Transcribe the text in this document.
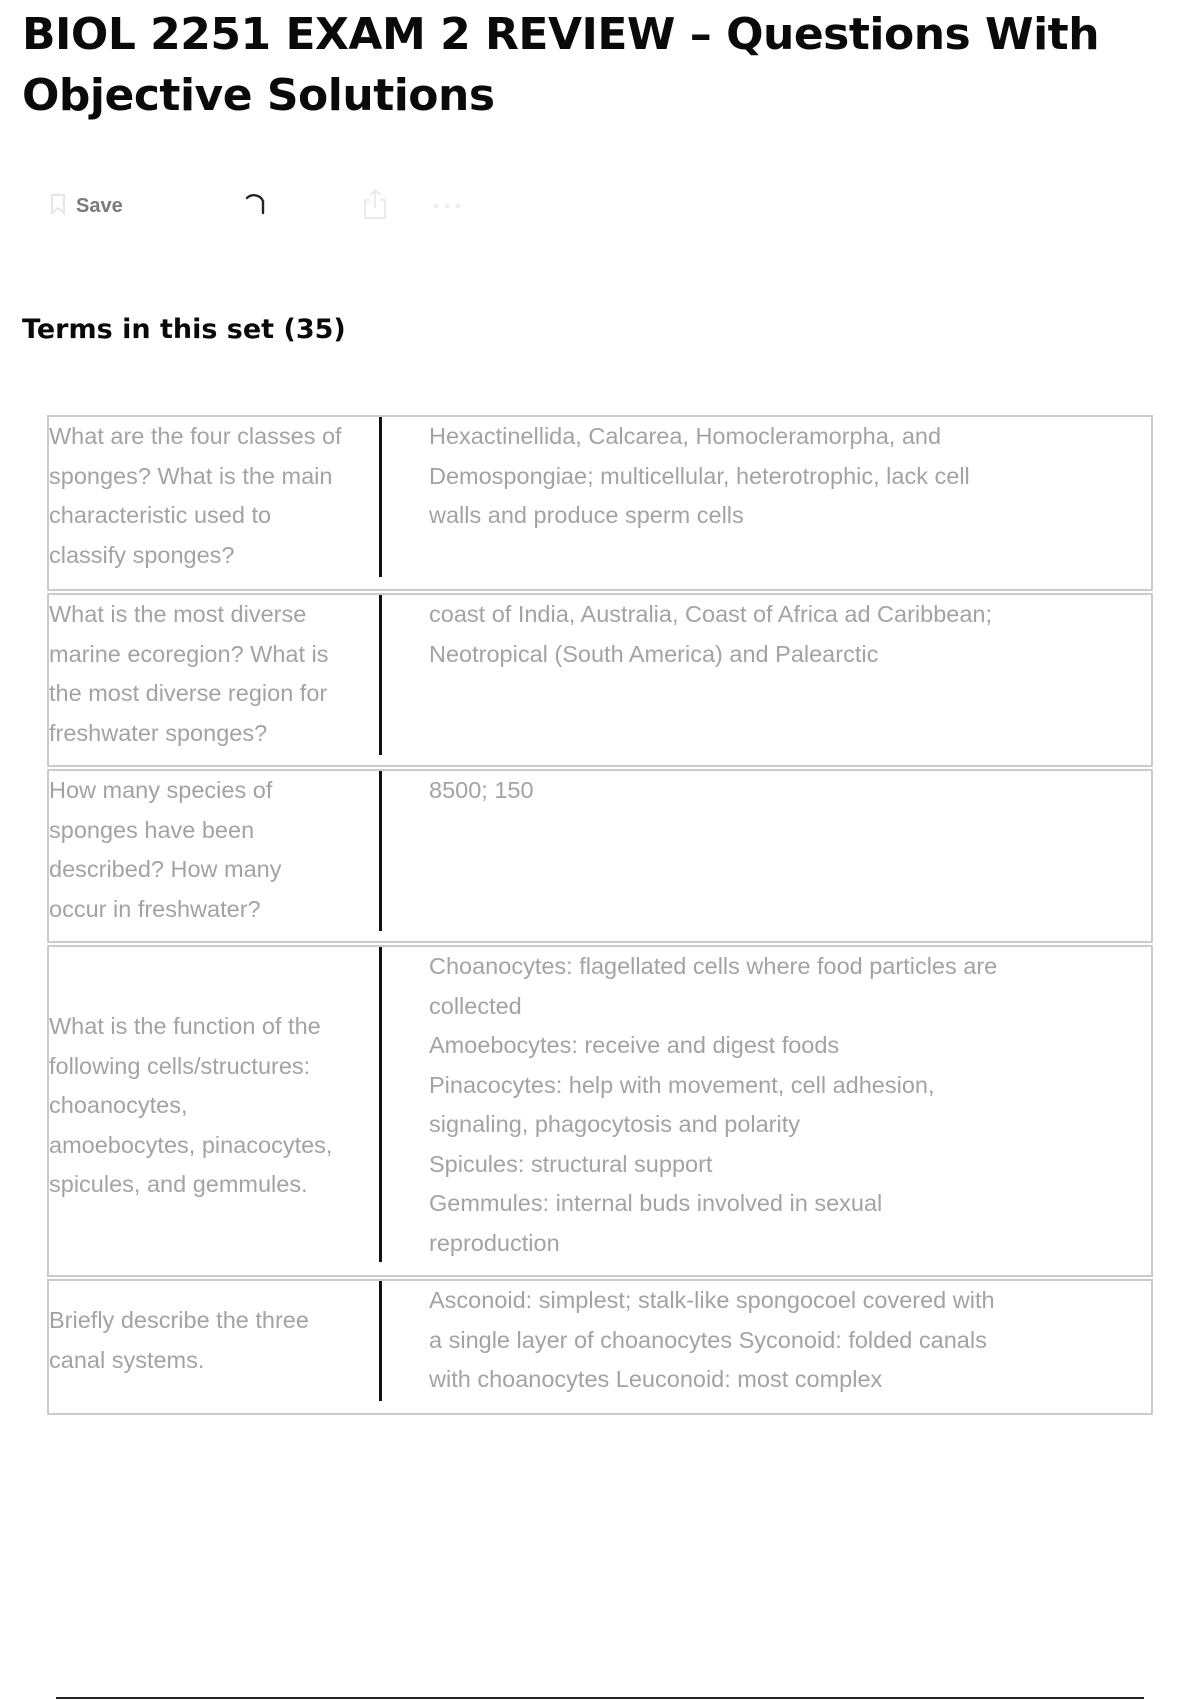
BIOL 2251 EXAM 2 REVIEW – Questions With
Objective Solutions
Save
Terms in this set (35)
What are the four classes of
sponges? What is the main
characteristic used to
classify sponges?
Hexactinellida, Calcarea, Homocleramorpha, and
Demospongiae; multicellular, heterotrophic, lack cell
walls and produce sperm cells
What is the most diverse
marine ecoregion? What is
the most diverse region for
freshwater sponges?
coast of India, Australia, Coast of Africa ad Caribbean;
Neotropical (South America) and Palearctic
How many species of
sponges have been
described? How many
occur in freshwater?
8500; 150
What is the function of the
following cells/structures:
choanocytes,
amoebocytes, pinacocytes,
spicules, and gemmules.
Choanocytes: flagellated cells where food particles are
collected
Amoebocytes: receive and digest foods
Pinacocytes: help with movement, cell adhesion,
signaling, phagocytosis and polarity
Spicules: structural support
Gemmules: internal buds involved in sexual
reproduction
Briefly describe the three
canal systems.
Asconoid: simplest; stalk-like spongocoel covered with
a single layer of choanocytes Syconoid: folded canals
with choanocytes Leuconoid: most complex
